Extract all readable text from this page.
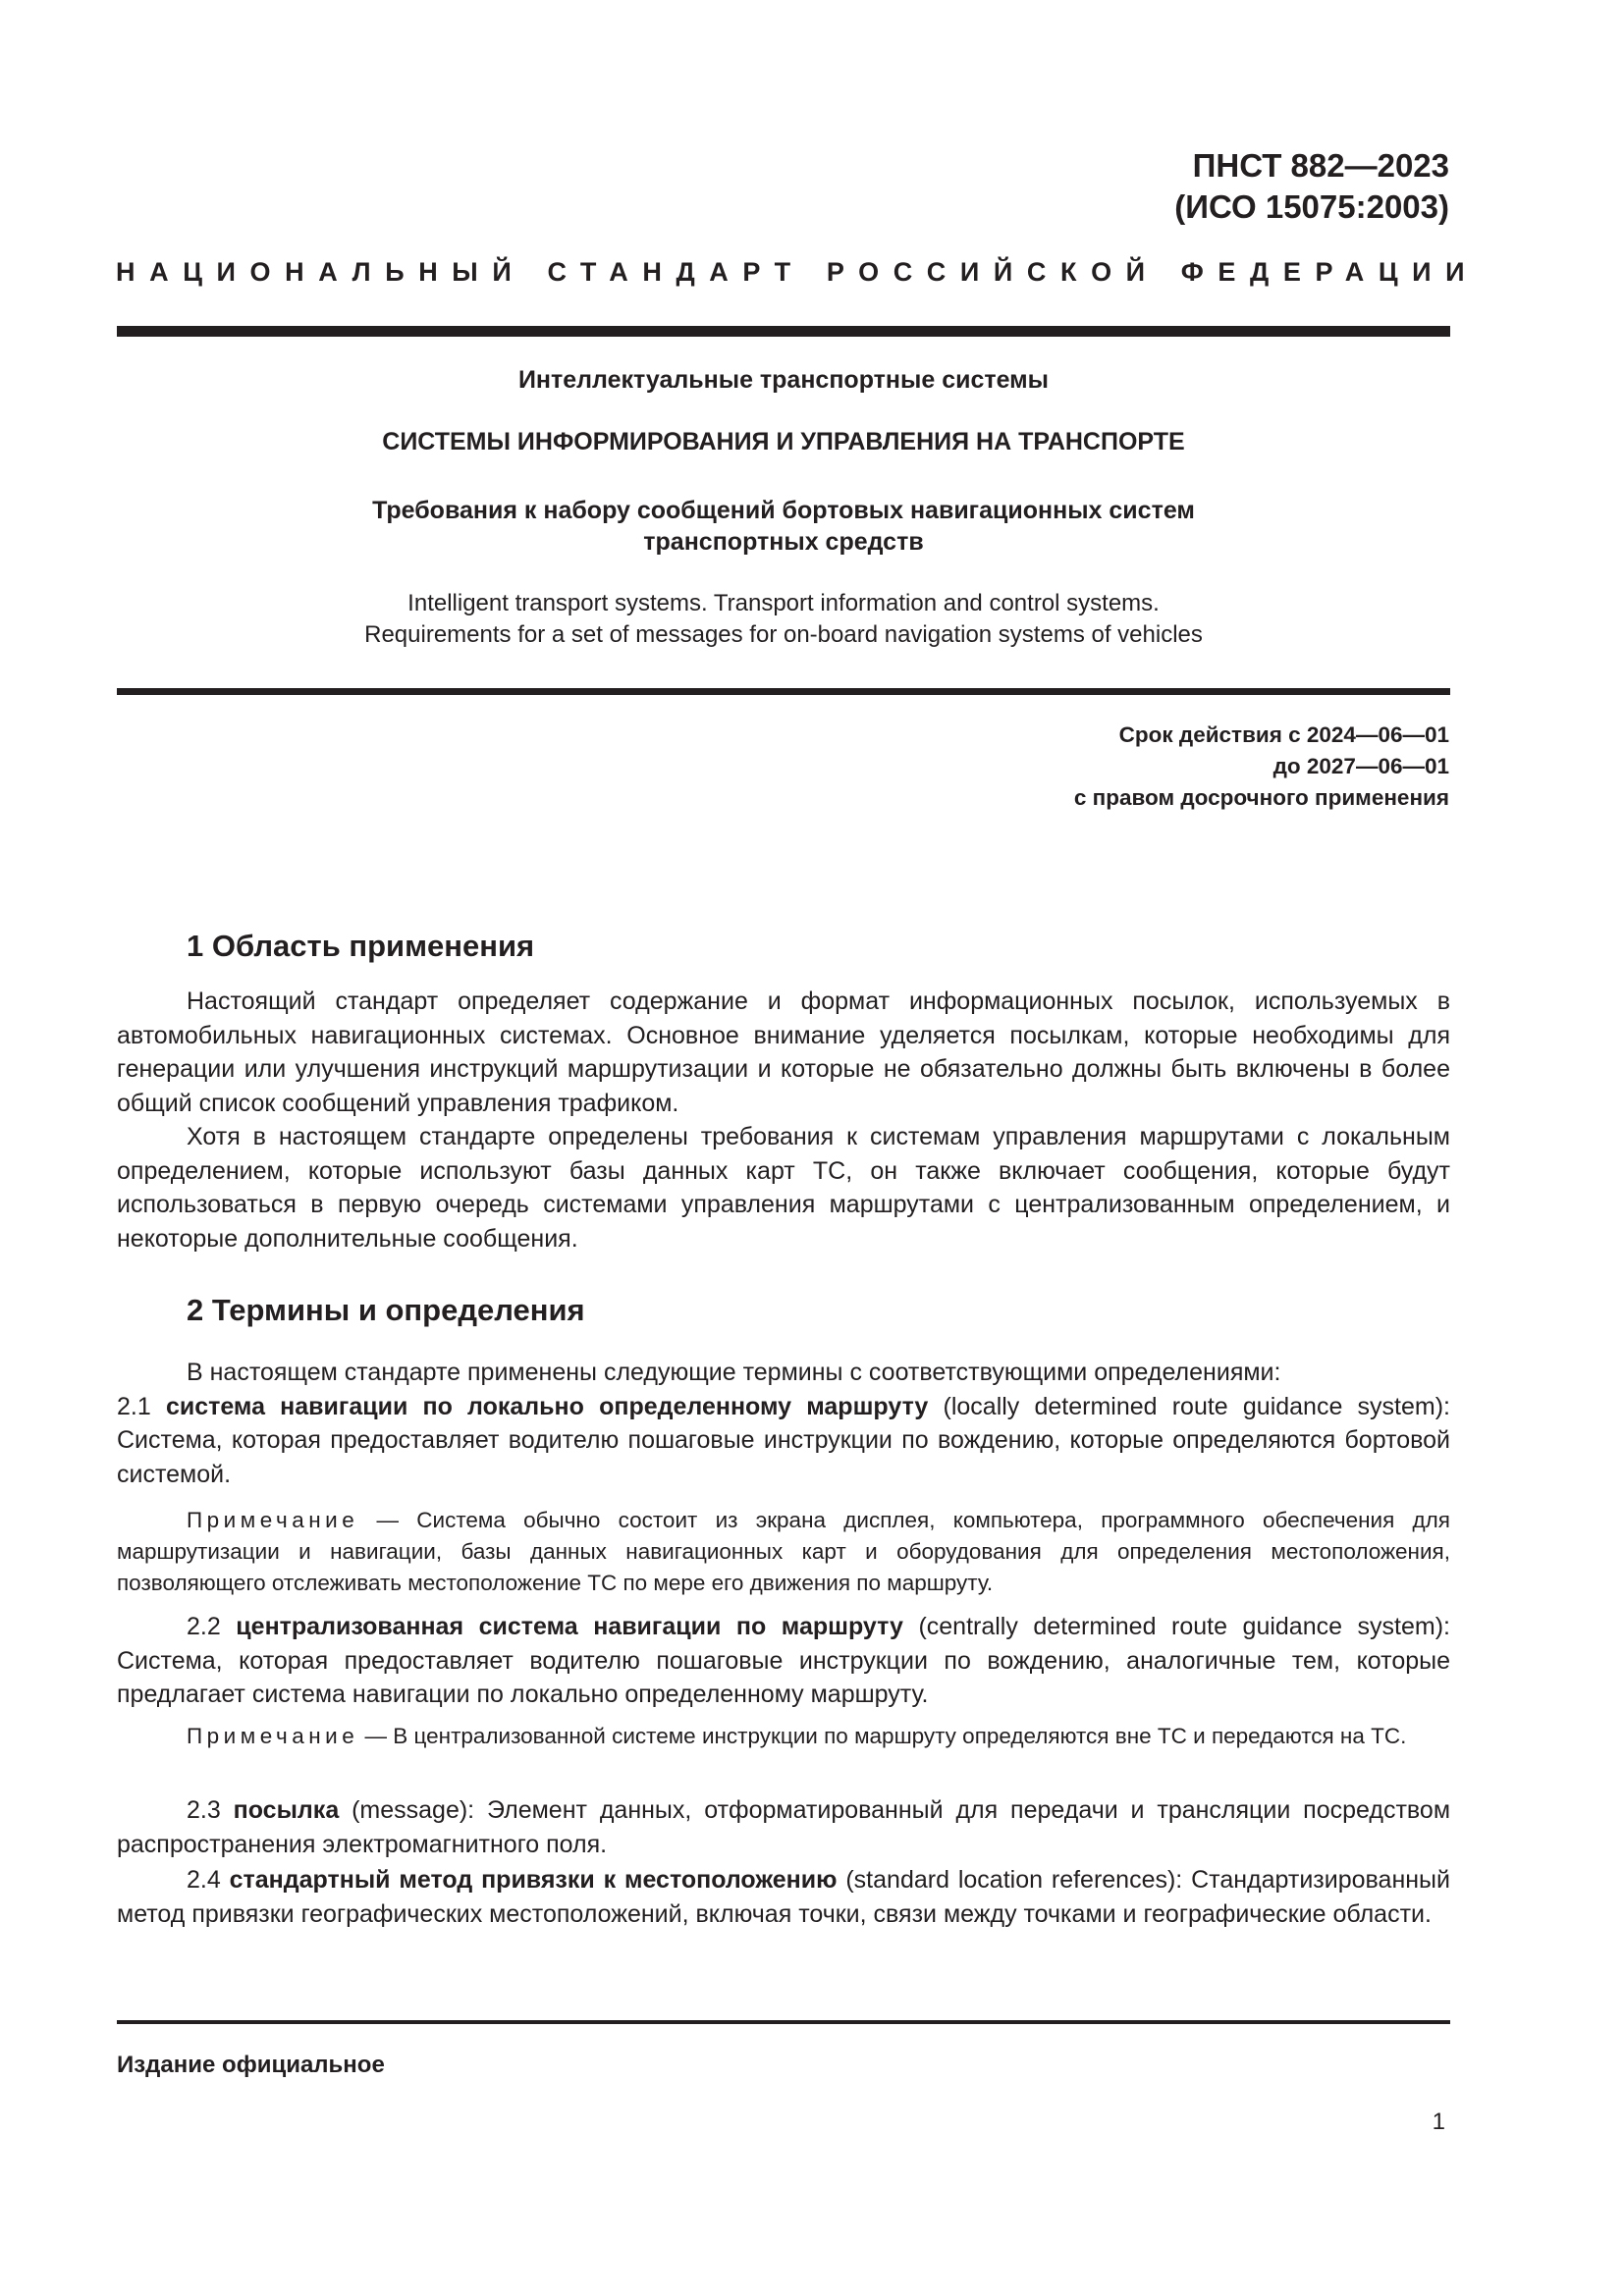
ПНСТ 882—2023
(ИСО 15075:2003)
НАЦИОНАЛЬНЫЙ СТАНДАРТ РОССИЙСКОЙ ФЕДЕРАЦИИ
Интеллектуальные транспортные системы
СИСТЕМЫ ИНФОРМИРОВАНИЯ И УПРАВЛЕНИЯ НА ТРАНСПОРТЕ
Требования к набору сообщений бортовых навигационных систем
транспортных средств
Intelligent transport systems. Transport information and control systems.
Requirements for a set of messages for on-board navigation systems of vehicles
Срок действия с 2024—06—01
до 2027—06—01
с правом досрочного применения
1 Область применения
Настоящий стандарт определяет содержание и формат информационных посылок, используемых в автомобильных навигационных системах. Основное внимание уделяется посылкам, которые необходимы для генерации или улучшения инструкций маршрутизации и которые не обязательно должны быть включены в более общий список сообщений управления трафиком.
Хотя в настоящем стандарте определены требования к системам управления маршрутами с локальным определением, которые используют базы данных карт ТС, он также включает сообщения, которые будут использоваться в первую очередь системами управления маршрутами с централизованным определением, и некоторые дополнительные сообщения.
2 Термины и определения
В настоящем стандарте применены следующие термины с соответствующими определениями:
2.1 система навигации по локально определенному маршруту (locally determined route guidance system): Система, которая предоставляет водителю пошаговые инструкции по вождению, которые определяются бортовой системой.
Примечание — Система обычно состоит из экрана дисплея, компьютера, программного обеспечения для маршрутизации и навигации, базы данных навигационных карт и оборудования для определения местоположения, позволяющего отслеживать местоположение ТС по мере его движения по маршруту.
2.2 централизованная система навигации по маршруту (centrally determined route guidance system): Система, которая предоставляет водителю пошаговые инструкции по вождению, аналогичные тем, которые предлагает система навигации по локально определенному маршруту.
Примечание — В централизованной системе инструкции по маршруту определяются вне ТС и передаются на ТС.
2.3 посылка (message): Элемент данных, отформатированный для передачи и трансляции посредством распространения электромагнитного поля.
2.4 стандартный метод привязки к местоположению (standard location references): Стандартизированный метод привязки географических местоположений, включая точки, связи между точками и географические области.
Издание официальное
1
